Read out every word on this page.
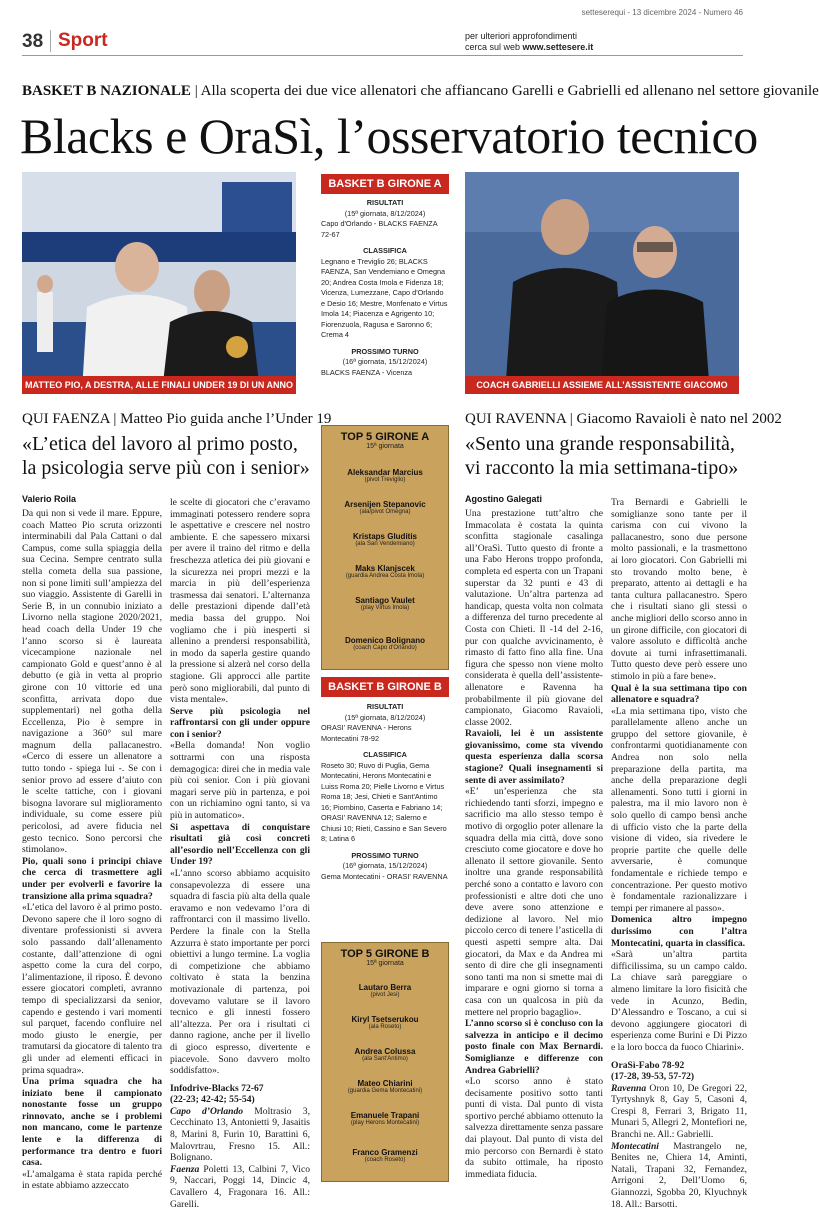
setteserequi - 13 dicembre 2024 - Numero 46
38 Sport	per ulteriori approfondimenti
cerca sul web www.settesere.it
BASKET B NAZIONALE | Alla scoperta dei due vice allenatori che affiancano Garelli e Gabrielli ed allenano nel settore giovanile
Blacks e OraSì, l’osservatorio tecnico
MATTEO PIO, A DESTRA, ALLE FINALI UNDER 19 DI UN ANNO FA
COACH GABRIELLI ASSIEME ALL’ASSISTENTE GIACOMO RAVAIOLI
BASKET B GIRONE A
RISULTATI
(15ª giornata, 8/12/2024)
Capo d'Orlando - BLACKS FAENZA 72-67
CLASSIFICA
Legnano e Treviglio 26; BLACKS FAENZA, San Vendemiano e Omegna 20; Andrea Costa Imola e Fidenza 18; Vicenza, Lumezzane, Capo d'Orlando e Desio 16; Mestre, Monfenato e Virtus Imola 14; Piacenza e Agrigento 10; Fiorenzuola, Ragusa e Saronno 6; Crema 4
PROSSIMO TURNO
(16ª giornata, 15/12/2024)
BLACKS FAENZA - Vicenza
TOP 5 GIRONE A
15ª giornata
Aleksandar Marcius
(pivot Treviglio)
Arsenijen Stepanovic
(ala/pivot Omegna)
Kristaps Gluditis
(ala San Vendemiano)
Maks Klanjscek
(guardia Andrea Costa Imola)
Santiago Vaulet
(play Virtus Imola)
Domenico Bolignano
(coach Capo d'Orlando)
BASKET B GIRONE B
RISULTATI
(15ª giornata, 8/12/2024)
ORASI' RAVENNA - Herons Montecatini 78-92
CLASSIFICA
Roseto 30; Ruvo di Puglia, Gema Montecatini, Herons Montecatini e Luiss Roma 20; Pielle Livorno e Virtus Roma 18; Jesi, Chieti e Sant'Antimo 16; Piombino, Caserta e Fabriano 14; ORASI' RAVENNA 12; Salerno e Chiusi 10; Rieti, Cassino e San Severo 8; Latina 6
PROSSIMO TURNO
(16ª giornata, 15/12/2024)
Gema Montecatini - ORASI' RAVENNA
TOP 5 GIRONE B
15ª giornata
Lautaro Berra
(pivot Jesi)
Kiryl Tsetserukou
(ala Roseto)
Andrea Colussa
(ala Sant'Antimo)
Mateo Chiarini
(guardia Gema Montecatini)
Emanuele Trapani
(play Herons Montecatini)
Franco Gramenzi
(coach Roseto)
QUI FAENZA | Matteo Pio guida anche l’Under 19
«L’etica del lavoro al primo posto, la psicologia serve più con i senior»
Valerio Roila

Da qui non si vede il mare. Eppure, coach Matteo Pio scruta orizzonti interminabili dal Pala Cattani o dal Campus, come sulla spiaggia della sua Cecina. Sempre centrato sulla stella cometa della sua passione, non si pone limiti sull’ampiezza del suo viaggio. Assistente di Garelli in Serie B, in un connubio iniziato a Livorno nella stagione 2020/2021, head coach della Under 19 che l’anno scorso si è laureata vicecampione nazionale nel campionato Gold e quest’anno è al debutto (e già in vetta al proprio girone con 10 vittorie ed una sconfitta, arrivata dopo due supplementari) nel gotha della Eccellenza, Pio è sempre in navigazione a 360° sul mare magnum della pallacanestro. «Cerco di essere un allenatore a tutto tondo - spiega lui -. Se con i senior provo ad essere d’aiuto con le scelte tattiche, con i giovani bisogna lavorare sul miglioramento individuale, su come essere più pericolosi, ad avere fiducia nel gesto tecnico. Sono percorsi che stimolano».

Pio, quali sono i principi chiave che cerca di trasmettere agli under per evolverli e favorire la transizione alla prima squadra?

«L’etica del lavoro è al primo posto. Devono sapere che il loro sogno di diventare professionisti si avvera solo passando dall’allenamento costante, dall’attenzione di ogni aspetto come la cura del corpo, l’alimentazione, il riposo. È devono essere giocatori completi, avranno tempo di specializzarsi da senior, capendo e gestendo i vari momenti sul parquet, facendo confluire nel modo giusto le energie, per tramutarsi da giocatore di talento tra gli under ad elementi efficaci in prima squadra».

Una prima squadra che ha iniziato bene il campionato nonostante fosse un gruppo rinnovato, anche se i problemi non mancano, come le partenze lente e la differenza di performance tra dentro e fuori casa.

«L’amalgama è stata rapida perché in estate abbiamo azzeccato

le scelte di giocatori che c’eravamo immaginati potessero rendere sopra le aspettative e crescere nel nostro ambiente. E che sapessero mixarsi per avere il traino del ritmo e della freschezza atletica dei più giovani e la sicurezza nei propri mezzi e la marcia in più dell’esperienza trasmessa dai senatori. L’alternanza delle prestazioni dipende dall’età media bassa del gruppo. Noi vogliamo che i più inesperti si allenino a prendersi responsabilità, in modo da saperla gestire quando la pressione si alzerà nel corso della stagione. Gli approcci alle partite però sono migliorabili, dal punto di vista mentale».

Serve più psicologia nel raffrontarsi con gli under oppure con i senior?

«Bella domanda! Non voglio sottrarmi con una risposta demagogica: direi che in media vale più coi senior. Con i più giovani magari serve più in partenza, e poi con un richiamino ogni tanto, si va più in automatico».

Si aspettava di conquistare risultati già così concreti all’esordio nell’Eccellenza con gli Under 19?

«L’anno scorso abbiamo acquisito consapevolezza di essere una squadra di fascia più alta della quale eravamo e non vedevamo l’ora di raffrontarci con il massimo livello. Perdere la finale con la Stella Azzurra è stato importante per porci obiettivi a lungo termine. La voglia di competizione che abbiamo coltivato è stata la benzina motivazionale di partenza, poi dovevamo valutare se il lavoro tecnico e gli innesti fossero all’altezza. Per ora i risultati ci danno ragione, anche per il livello di gioco espresso, divertente e piacevole. Sono davvero molto soddisfatto».

Infodrive-Blacks 72-67

(22-23; 42-42; 55-54)

Capo d’Orlando Moltrasio 3, Cecchinato 13, Antonietti 9, Jasaitis 8, Marini 8, Furin 10, Barattini 6, Malovrtrau, Fresno 15. All.: Bolignano.

Faenza Poletti 13, Calbini 7, Vico 9, Naccari, Poggi 14, Dincic 4, Cavallero 4, Fragonara 16. All.: Garelli.

QUI RAVENNA | Giacomo Ravaioli è nato nel 2002
«Sento una grande responsabilità, vi racconto la mia settimana-tipo»
Agostino Galegati

Una prestazione tutt’altro che Immacolata è costata la quinta sconfitta stagionale casalinga all’OraSì. Tutto questo di fronte a una Fabo Herons troppo profonda, completa ed esperta con un Trapani superstar da 32 punti e 43 di valutazione. Un’altra partenza ad handicap, questa volta non colmata a differenza del turno precedente al Costa con Chieti. Il -14 del 2-16, pur con qualche avvicinamento, è rimasto di fatto fino alla fine. Una figura che spesso non viene molto considerata è quella dell’assistente-allenatore e Ravenna ha probabilmente il più giovane del campionato, Giacomo Ravaioli, classe 2002.

Ravaioli, lei è un assistente giovanissimo, come sta vivendo questa esperienza dalla scorsa stagione? Quali insegnamenti si sente di aver assimilato?

«E’ un’esperienza che sta richiedendo tanti sforzi, impegno e sacrificio ma allo stesso tempo è motivo di orgoglio poter allenare la squadra della mia città, dove sono cresciuto come giocatore e dove ho allenato il settore giovanile. Sento inoltre una grande responsabilità perché sono a contatto e lavoro con professionisti e altre doti che uno deve avere sono attenzione e dedizione al lavoro. Nel mio piccolo cerco di tenere l’asticella di questi aspetti sempre alta. Dai giocatori, da Max e da Andrea mi sento di dire che gli insegnamenti sono tanti ma non si smette mai di imparare e ogni giorno si torna a casa con un qualcosa in più da mettere nel proprio bagaglio».

L’anno scorso si è concluso con la salvezza in anticipo e il decimo posto finale con Max Bernardi. Somiglianze e differenze con Andrea Gabrielli?

«Lo scorso anno è stato decisamente positivo sotto tanti punti di vista. Dal punto di vista sportivo perché abbiamo ottenuto la salvezza direttamente senza passare dai playout. Dal punto di vista del mio percorso con Bernardi è stato da subito ottimale, ha riposto immediata fiducia.

Tra Bernardi e Gabrielli le somiglianze sono tante per il carisma con cui vivono la pallacanestro, sono due persone molto passionali, e la trasmettono ai loro giocatori. Con Gabrielli mi sto trovando molto bene, è preparato, attento ai dettagli e ha tanta cultura pallacanestro. Spero che i risultati siano gli stessi o anche migliori dello scorso anno in un girone difficile, con giocatori di valore assoluto e difficoltà anche dovute ai turni infrasettimanali. Tutto questo deve però essere uno stimolo in più a fare bene».

Qual è la sua settimana tipo con allenatore e squadra?

«La mia settimana tipo, visto che parallelamente alleno anche un gruppo del settore giovanile, è confrontarmi quotidianamente con Andrea non solo nella preparazione della partita, ma anche della preparazione degli allenamenti. Sono tutti i giorni in palestra, ma il mio lavoro non è solo quello di campo bensì anche di ufficio visto che la parte della visione di video, sia rivedere le proprie partite che quelle delle avversarie, è comunque fondamentale e richiede tempo e concentrazione. Per questo motivo è fondamentale razionalizzare i tempi per rimanere al passo».

Domenica altro impegno durissimo con l’altra Montecatini, quarta in classifica.

«Sarà un’altra partita difficilissima, su un campo caldo. La chiave sarà pareggiare o almeno limitare la loro fisicità che vede in Acunzo, Bedin, D’Alessandro e Toscano, a cui si devono aggiungere giocatori di esperienza come Burini e Di Pizzo e la loro bocca da fuoco Chiarini».

OraSì-Fabo 78-92

(17-28, 39-53, 57-72)

Ravenna Oron 10, De Gregori 22, Tyrtyshnyk 8, Gay 5, Casoni 4, Crespi 8, Ferrari 3, Brigato 11, Munari 5, Allegri 2, Montefiori ne, Branchi ne. All.: Gabrielli.

Montecatini Mastrangelo ne, Benites ne, Chiera 14, Aminti, Natali, Trapani 32, Fernandez, Arrigoni 2, Dell’Uomo 6, Giannozzi, Sgobba 20, Klyuchnyk 18. All.: Barsotti.
